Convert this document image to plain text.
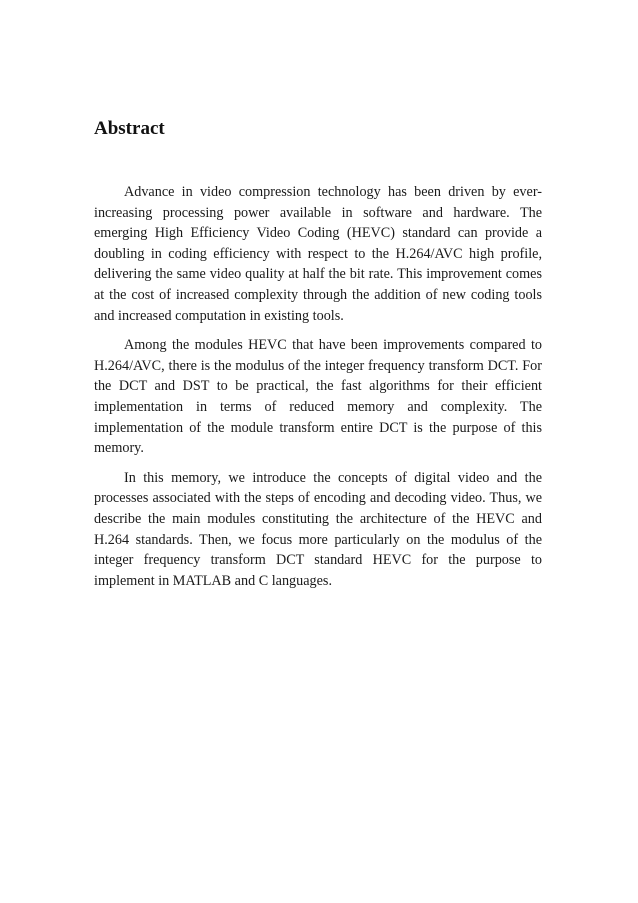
Abstract

Advance in video compression technology has been driven by ever-increasing processing power available in software and hardware. The emerging High Efficiency Video Coding (HEVC) standard can provide a doubling in coding efficiency with respect to the H.264/AVC high profile, delivering the same video quality at half the bit rate. This improvement comes at the cost of increased complexity through the addition of new coding tools and increased computation in existing tools.

Among the modules HEVC that have been improvements compared to H.264/AVC, there is the modulus of the integer frequency transform DCT. For the DCT and DST to be practical, the fast algorithms for their efficient implementation in terms of reduced memory and complexity. The implementation of the module transform entire DCT is the purpose of this memory.

In this memory, we introduce the concepts of digital video and the processes associated with the steps of encoding and decoding video. Thus, we describe the main modules constituting the architecture of the HEVC and H.264 standards. Then, we focus more particularly on the modulus of the integer frequency transform DCT standard HEVC for the purpose to implement in MATLAB and C languages.
